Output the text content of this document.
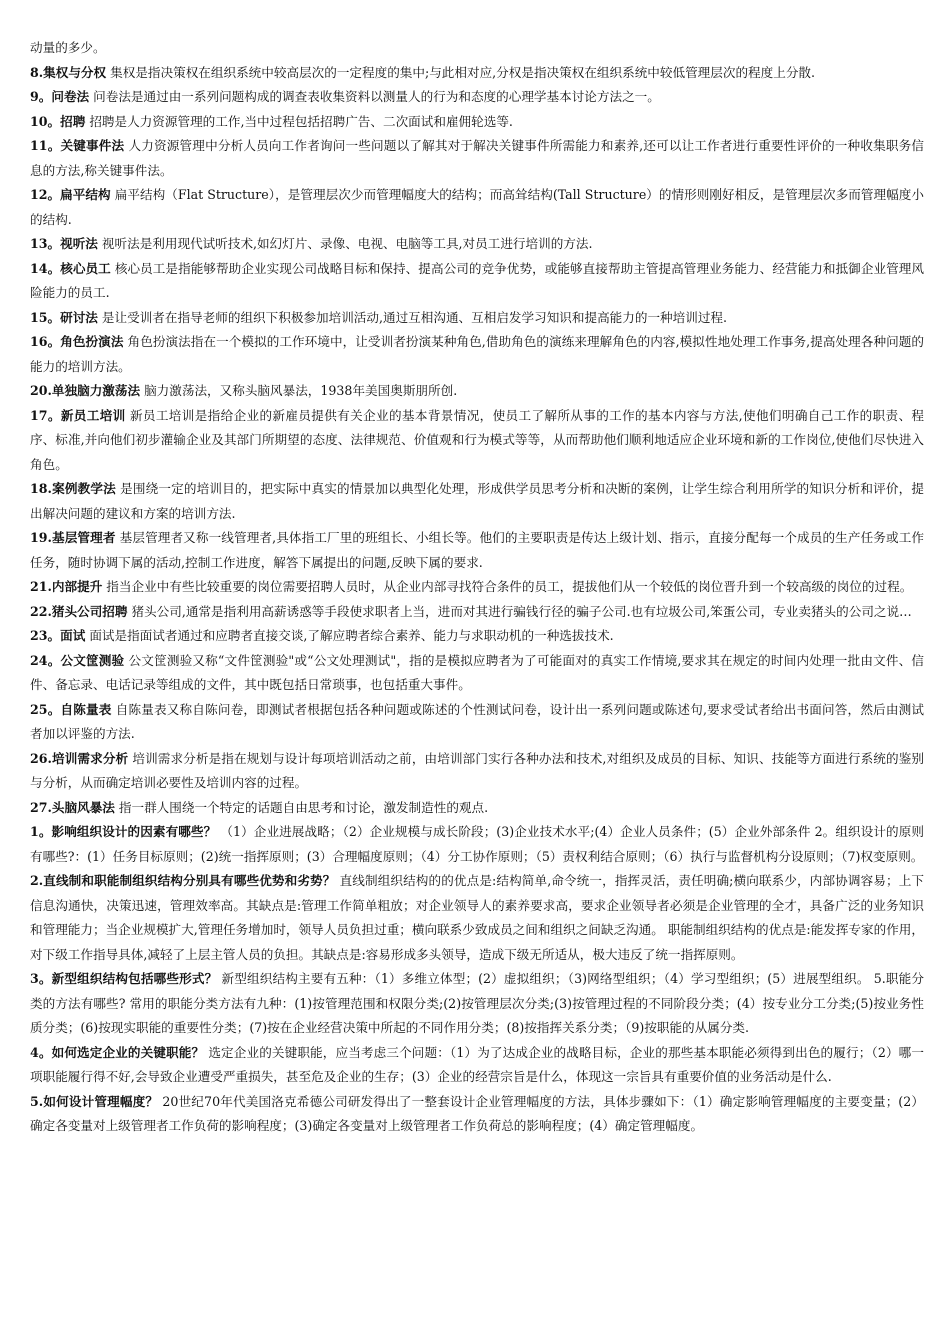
动量的多少。

8.集权与分权 集权是指决策权在组织系统中较高层次的一定程度的集中;与此相对应,分权是指决策权在组织系统中较低管理层次的程度上分散.

9。问卷法 问卷法是通过由一系列问题构成的调查表收集资料以测量人的行为和态度的心理学基本讨论方法之一。

10。招聘 招聘是人力资源管理的工作,当中过程包括招聘广告、二次面试和雇佣轮选等.

11。关键事件法 人力资源管理中分析人员向工作者询问一些问题以了解其对于解决关键事件所需能力和素养,还可以让工作者进行重要性评价的一种收集职务信息的方法,称关键事件法。

12。扁平结构 扁平结构（Flat Structure），是管理层次少而管理幅度大的结构；而高耸结构(Tall Structure）的情形则刚好相反，是管理层次多而管理幅度小的结构.

13。视听法 视听法是利用现代试听技术,如幻灯片、录像、电视、电脑等工具,对员工进行培训的方法.

14。核心员工 核心员工是指能够帮助企业实现公司战略目标和保持、提高公司的竞争优势，或能够直接帮助主管提高管理业务能力、经营能力和抵御企业管理风险能力的员工.

15。研讨法 是让受训者在指导老师的组织下积极参加培训活动,通过互相沟通、互相启发学习知识和提高能力的一种培训过程.

16。角色扮演法 角色扮演法指在一个模拟的工作环境中，让受训者扮演某种角色,借助角色的演练来理解角色的内容,模拟性地处理工作事务,提高处理各种问题的能力的培训方法。

20.单独脑力激荡法 脑力激荡法，又称头脑风暴法，1938年美国奥斯朋所创.

17。新员工培训 新员工培训是指给企业的新雇员提供有关企业的基本背景情况，使员工了解所从事的工作的基本内容与方法,使他们明确自己工作的职责、程序、标准,并向他们初步灌输企业及其部门所期望的态度、法律规范、价值观和行为模式等等，从而帮助他们顺利地适应企业环境和新的工作岗位,使他们尽快进入角色。

18.案例教学法 是围绕一定的培训目的，把实际中真实的情景加以典型化处理，形成供学员思考分析和决断的案例，让学生综合利用所学的知识分析和评价，提出解决问题的建议和方案的培训方法.

19.基层管理者 基层管理者又称一线管理者,具体指工厂里的班组长、小组长等。他们的主要职责是传达上级计划、指示，直接分配每一个成员的生产任务或工作任务，随时协调下属的活动,控制工作进度，解答下属提出的问题,反映下属的要求.

21.内部提升 指当企业中有些比较重要的岗位需要招聘人员时，从企业内部寻找符合条件的员工，提拔他们从一个较低的岗位晋升到一个较高级的岗位的过程。

22.猪头公司招聘 猪头公司,通常是指利用高薪诱惑等手段使求职者上当，进而对其进行骗钱行径的骗子公司.也有垃圾公司,笨蛋公司，专业卖猪头的公司之说…

23。面试 面试是指面试者通过和应聘者直接交谈,了解应聘者综合素养、能力与求职动机的一种选拔技术.

24。公文筐测验 公文筐测验又称“文件筐测验"或“公文处理测试"，指的是模拟应聘者为了可能面对的真实工作情境,要求其在规定的时间内处理一批由文件、信件、备忘录、电话记录等组成的文件，其中既包括日常琐事，也包括重大事件。

25。自陈量表 自陈量表又称自陈问卷，即测试者根据包括各种问题或陈述的个性测试问卷，设计出一系列问题或陈述句,要求受试者给出书面问答，然后由测试者加以评鉴的方法.

26.培训需求分析 培训需求分析是指在规划与设计每项培训活动之前，由培训部门实行各种办法和技术,对组织及成员的目标、知识、技能等方面进行系统的鉴别与分析，从而确定培训必要性及培训内容的过程。

27.头脑风暴法 指一群人围绕一个特定的话题自由思考和讨论，激发制造性的观点.

1。影响组织设计的因素有哪些？ （1）企业进展战略；（2）企业规模与成长阶段；(3)企业技术水平;(4）企业人员条件；(5）企业外部条件 2。组织设计的原则有哪些?：(1）任务目标原则；(2)统一指挥原则；(3）合理幅度原则；（4）分工协作原则；（5）责权利结合原则；（6）执行与监督机构分设原则；（7)权变原则。

2.直线制和职能制组织结构分别具有哪些优势和劣势？ 直线制组织结构的的优点是:结构简单,命令统一，指挥灵活，责任明确;横向联系少，内部协调容易；上下信息沟通快，决策迅速，管理效率高。其缺点是:管理工作简单粗放；对企业领导人的素养要求高，要求企业领导者必须是企业管理的全才，具备广泛的业务知识和管理能力；当企业规模扩大,管理任务增加时，领导人员负担过重；横向联系少致成员之间和组织之间缺乏沟通。 职能制组织结构的优点是:能发挥专家的作用，对下级工作指导具体,减轻了上层主管人员的负担。其缺点是:容易形成多头领导，造成下级无所适从，极大违反了统一指挥原则。

3。新型组织结构包括哪些形式？ 新型组织结构主要有五种：（1）多维立体型；(2）虚拟组织；（3)网络型组织；（4）学习型组织；(5）进展型组织。 5.职能分类的方法有哪些? 常用的职能分类方法有九种：(1)按管理范围和权限分类;(2)按管理层次分类;(3)按管理过程的不同阶段分类；(4）按专业分工分类;(5)按业务性质分类；(6)按现实职能的重要性分类；(7)按在企业经营决策中所起的不同作用分类；(8)按指挥关系分类；（9)按职能的从属分类.

4。如何选定企业的关键职能？ 选定企业的关键职能，应当考虑三个问题：（1）为了达成企业的战略目标，企业的那些基本职能必须得到出色的履行；（2）哪一项职能履行得不好,会导致企业遭受严重损失，甚至危及企业的生存；(3）企业的经营宗旨是什么，体现这一宗旨具有重要价值的业务活动是什么.

5.如何设计管理幅度？ 20世纪70年代美国洛克希德公司研发得出了一整套设计企业管理幅度的方法，具体步骤如下：（1）确定影响管理幅度的主要变量；(2）确定各变量对上级管理者工作负荷的影响程度；(3)确定各变量对上级管理者工作负荷总的影响程度；(4）确定管理幅度。
